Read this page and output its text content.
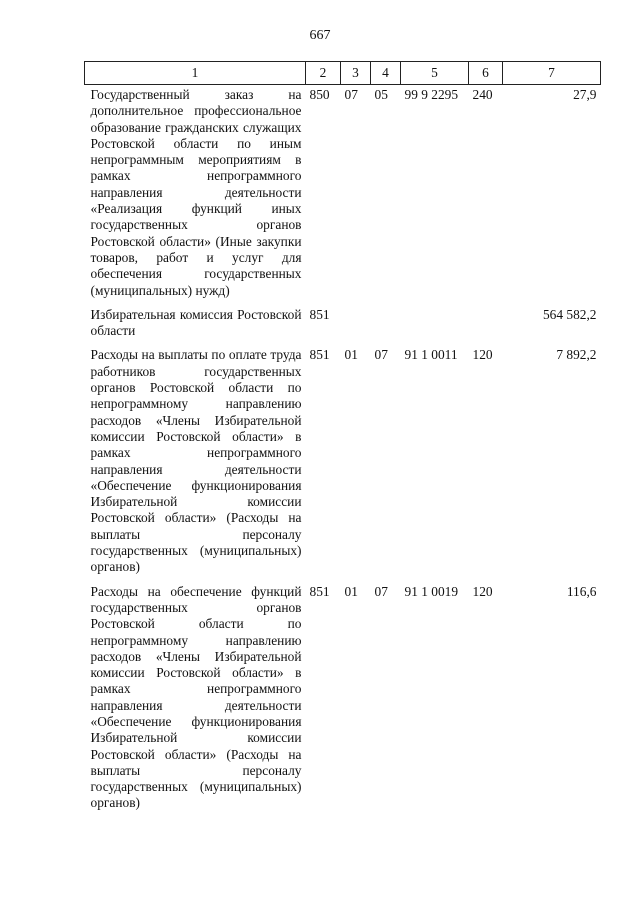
667
1	2	3	4	5	6	7
Государственный заказ на дополнительное профессиональное образование гражданских служащих Ростовской области по иным непрограммным мероприятиям в рамках непрограммного направления деятельности «Реализация функций иных государственных органов Ростовской области» (Иные закупки товаров, работ и услуг для обеспечения государственных (муниципальных) нужд)	850	07	05	99 9 2295	240	27,9
Избирательная комиссия Ростовской области	851					564 582,2
Расходы на выплаты по оплате труда работников государственных органов Ростовской области по непрограммному направлению расходов «Члены Избирательной комиссии Ростовской области» в рамках непрограммного направления деятельности «Обеспечение функционирования Избирательной комиссии Ростовской области» (Расходы на выплаты персоналу государственных (муниципальных) органов)	851	01	07	91 1 0011	120	7 892,2
Расходы на обеспечение функций государственных органов Ростовской области по непрограммному направлению расходов «Члены Избирательной комиссии Ростовской области» в рамках непрограммного направления деятельности «Обеспечение функционирования Избирательной комиссии Ростовской области» (Расходы на выплаты персоналу государственных (муниципальных) органов)	851	01	07	91 1 0019	120	116,6
